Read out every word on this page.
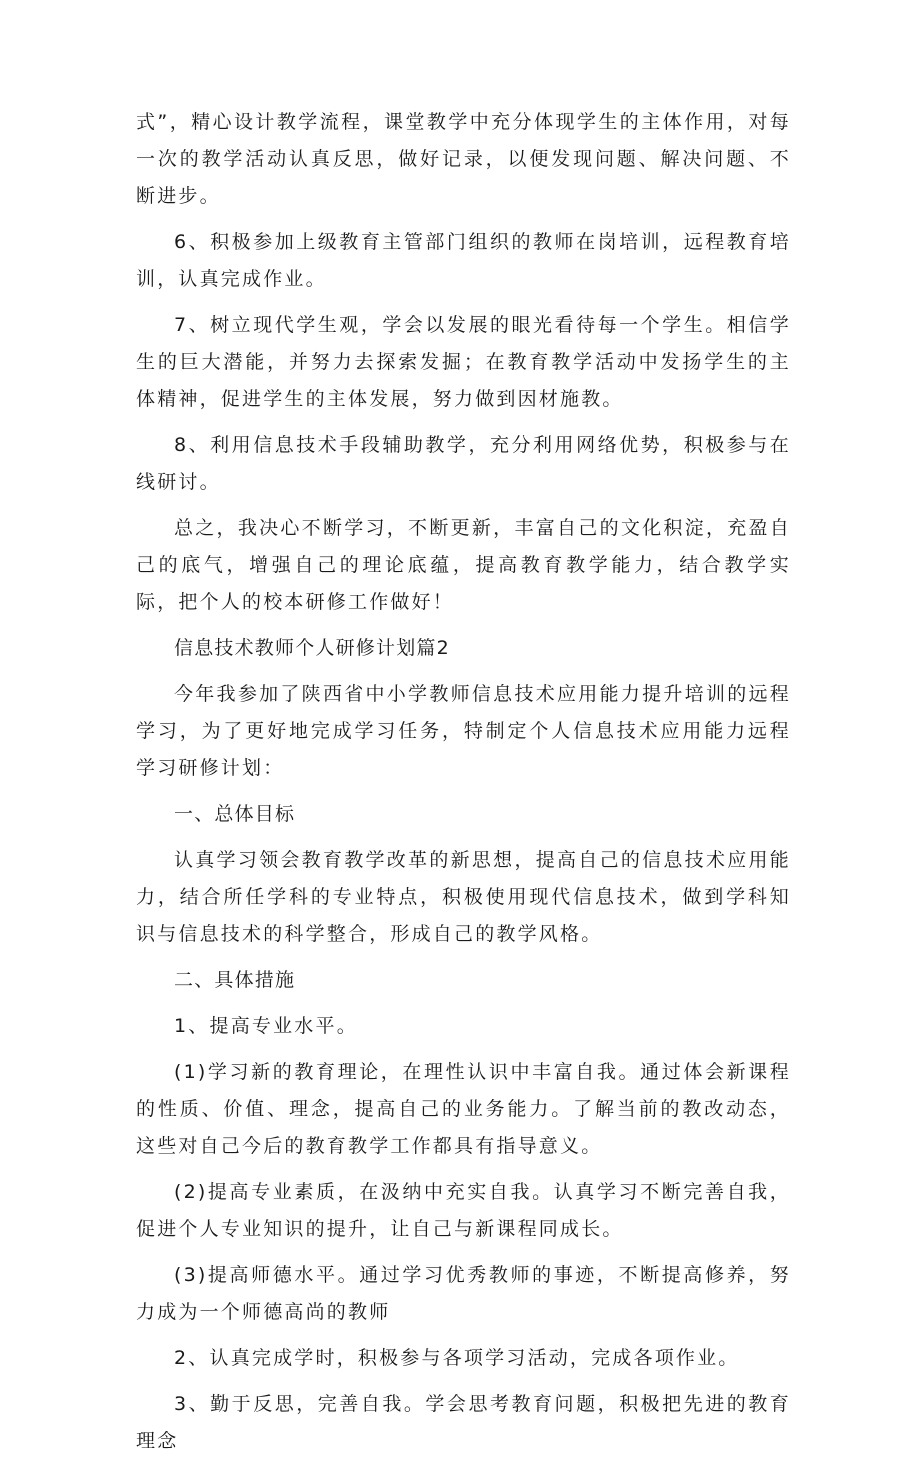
式”，精心设计教学流程，课堂教学中充分体现学生的主体作用，对每一次的教学活动认真反思，做好记录，以便发现问题、解决问题、不断进步。

6、积极参加上级教育主管部门组织的教师在岗培训，远程教育培训，认真完成作业。

7、树立现代学生观，学会以发展的眼光看待每一个学生。相信学生的巨大潜能，并努力去探索发掘；在教育教学活动中发扬学生的主体精神，促进学生的主体发展，努力做到因材施教。

8、利用信息技术手段辅助教学，充分利用网络优势，积极参与在线研讨。

总之，我决心不断学习，不断更新，丰富自己的文化积淀，充盈自己的底气，增强自己的理论底蕴，提高教育教学能力，结合教学实际，把个人的校本研修工作做好！

信息技术教师个人研修计划篇2

今年我参加了陕西省中小学教师信息技术应用能力提升培训的远程学习，为了更好地完成学习任务，特制定个人信息技术应用能力远程学习研修计划：

一、总体目标

认真学习领会教育教学改革的新思想，提高自己的信息技术应用能力，结合所任学科的专业特点，积极使用现代信息技术，做到学科知识与信息技术的科学整合，形成自己的教学风格。

二、具体措施

1、提高专业水平。

(1)学习新的教育理论，在理性认识中丰富自我。通过体会新课程的性质、价值、理念，提高自己的业务能力。了解当前的教改动态，这些对自己今后的教育教学工作都具有指导意义。

(2)提高专业素质，在汲纳中充实自我。认真学习不断完善自我，促进个人专业知识的提升，让自己与新课程同成长。

(3)提高师德水平。通过学习优秀教师的事迹，不断提高修养，努力成为一个师德高尚的教师

2、认真完成学时，积极参与各项学习活动，完成各项作业。

3、勤于反思，完善自我。学会思考教育问题，积极把先进的教育理念
